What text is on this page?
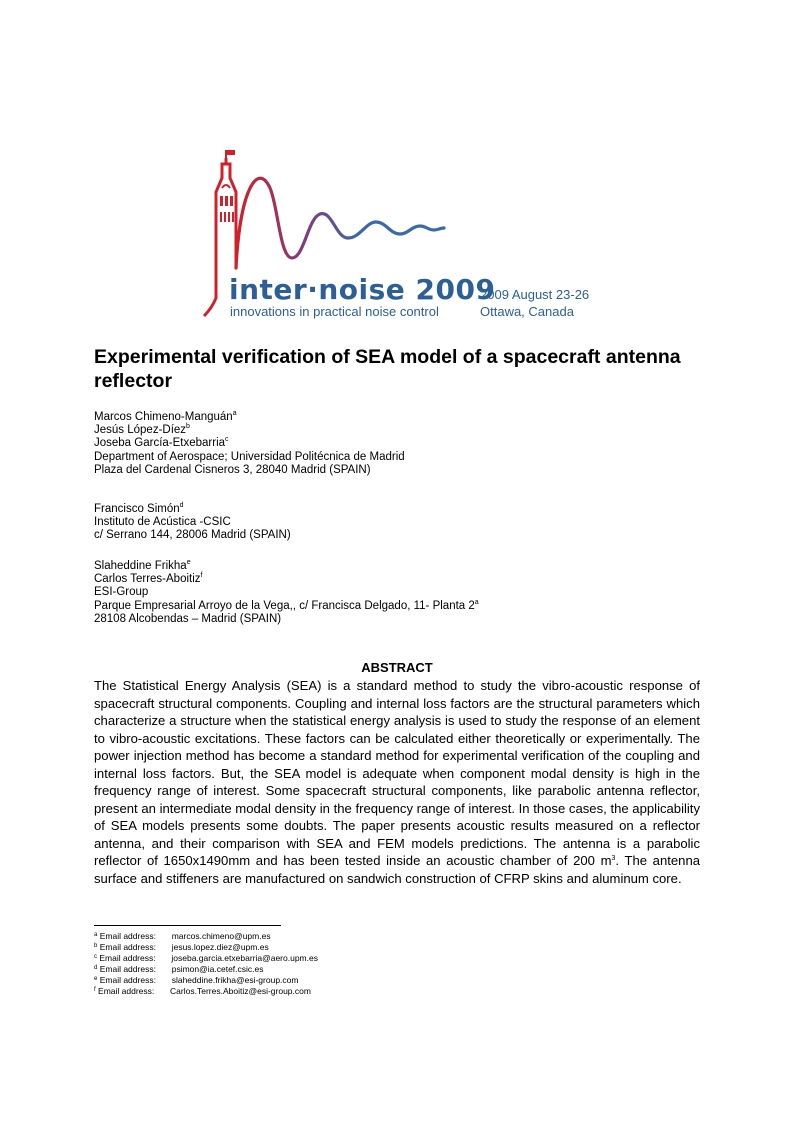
inter·noise 2009
innovations in practical noise control
2009 August 23-26
Ottawa, Canada
Experimental verification of SEA model of a spacecraft antenna reflector
Marcos Chimeno-Manguán$^a$
Jesús López-Díez$^b$
Joseba García-Etxebarria$^c$
Department of Aerospace; Universidad Politécnica de Madrid
Plaza del Cardenal Cisneros 3, 28040 Madrid (SPAIN)
Francisco Simón$^d$
Instituto de Acústica -CSIC
c/ Serrano 144, 28006 Madrid (SPAIN)
Slaheddine Frikha$^e$
Carlos Terres-Aboitiz$^f$
ESI-Group
Parque Empresarial Arroyo de la Vega,, c/ Francisca Delgado, 11- Planta 2$^a$
28108 Alcobendas – Madrid (SPAIN)
ABSTRACT

The Statistical Energy Analysis (SEA) is a standard method to study the vibro-acoustic response of spacecraft structural components. Coupling and internal loss factors are the structural parameters which characterize a structure when the statistical energy analysis is used to study the response of an element to vibro-acoustic excitations. These factors can be calculated either theoretically or experimentally. The power injection method has become a standard method for experimental verification of the coupling and internal loss factors. But, the SEA model is adequate when component modal density is high in the frequency range of interest. Some spacecraft structural components, like parabolic antenna reflector, present an intermediate modal density in the frequency range of interest. In those cases, the applicability of SEA models presents some doubts. The paper presents acoustic results measured on a reflector antenna, and their comparison with SEA and FEM models predictions. The antenna is a parabolic reflector of 1650x1490mm and has been tested inside an acoustic chamber of 200 $m^3$. The antenna surface and stiffeners are manufactured on sandwich construction of CFRP skins and aluminum core.

$^a$ Email address: marcos.chimeno@upm.es
$^b$ Email address: jesus.lopez.diez@upm.es
$^c$ Email address: joseba.garcia.etxebarria@aero.upm.es
$^d$ Email address: psimon@ia.cetef.csic.es
$^e$ Email address: slaheddine.frikha@esi-group.com
$^f$ Email address: Carlos.Terres.Aboitiz@esi-group.com
